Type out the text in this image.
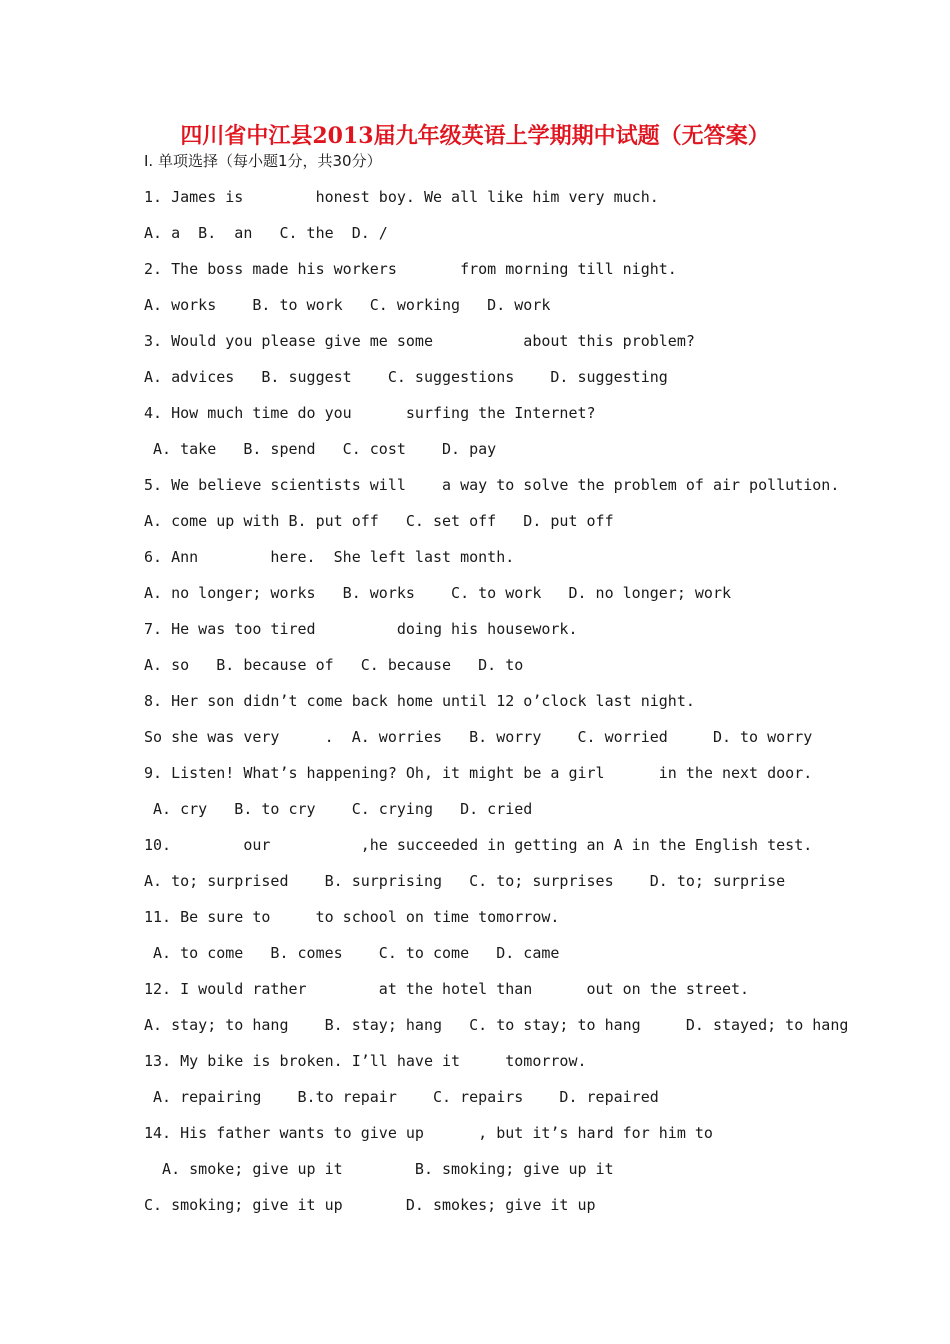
四川省中江县2013届九年级英语上学期期中试题（无答案）
I. 单项选择（每小题1分，共30分）
1. James is        honest boy. We all like him very much.
A. a  B.  an   C. the  D. /
2. The boss made his workers       from morning till night.
A. works    B. to work   C. working   D. work
3. Would you please give me some          about this problem?
A. advices   B. suggest    C. suggestions    D. suggesting
4. How much time do you      surfing the Internet?
A. take   B. spend   C. cost    D. pay
5. We believe scientists will    a way to solve the problem of air pollution.
A. come up with B. put off   C. set off   D. put off
6. Ann        here.  She left last month.
A. no longer; works   B. works    C. to work   D. no longer; work
7. He was too tired         doing his housework.
A. so   B. because of   C. because   D. to
8. Her son didn’t come back home until 12 o’clock last night.
So she was very     .  A. worries   B. worry    C. worried     D. to worry
9. Listen! What’s happening? Oh, it might be a girl      in the next door.
A. cry   B. to cry    C. crying   D. cried
10.        our          ,he succeeded in getting an A in the English test.
A. to; surprised    B. surprising   C. to; surprises    D. to; surprise
11. Be sure to     to school on time tomorrow.
A. to come   B. comes    C. to come   D. came
12. I would rather        at the hotel than      out on the street.
A. stay; to hang    B. stay; hang   C. to stay; to hang     D. stayed; to hang
13. My bike is broken. I’ll have it     tomorrow.
A. repairing    B.to repair    C. repairs    D. repaired
14. His father wants to give up      , but it’s hard for him to
A. smoke; give up it        B. smoking; give up it
C. smoking; give it up       D. smokes; give it up
